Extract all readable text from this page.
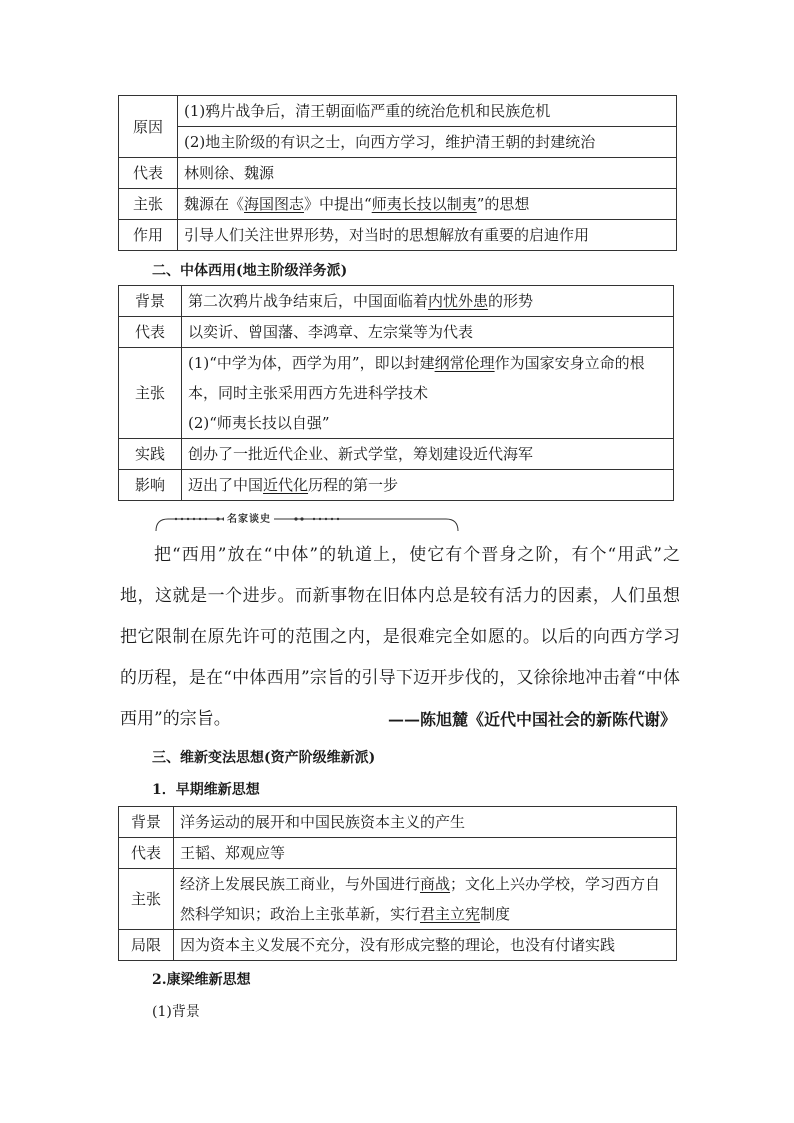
原因	(1)鸦片战争后，清王朝面临严重的统治危机和民族危机
	(2)地主阶级的有识之士，向西方学习，维护清王朝的封建统治
代表	林则徐、魏源
主张	魏源在《海国图志》中提出“师夷长技以制夷”的思想
作用	引导人们关注世界形势，对当时的思想解放有重要的启迪作用
二、中体西用(地主阶级洋务派)
背景	第二次鸦片战争结束后，中国面临着内忧外患的形势
代表	以奕䜣、曾国藩、李鸿章、左宗棠等为代表
主张	(1)“中学为体，西学为用”，即以封建纲常伦理作为国家安身立命的根本，同时主张采用西方先进科学技术
(2)“师夷长技以自强”

实践	创办了一批近代企业、新式学堂，筹划建设近代海军
影响	迈出了中国近代化历程的第一步
名家谈史

把“西用”放在“中体”的轨道上，使它有个晋身之阶，有个“用武”之地，这就是一个进步。而新事物在旧体内总是较有活力的因素，人们虽想把它限制在原先许可的范围之内，是很难完全如愿的。以后的向西方学习的历程，是在“中体西用”宗旨的引导下迈开步伐的，又徐徐地冲击着“中体西用”的宗旨。	——陈旭麓《近代中国社会的新陈代谢》
三、维新变法思想(资产阶级维新派)
1．早期维新思想
背景	洋务运动的展开和中国民族资本主义的产生
代表	王韬、郑观应等
主张	经济上发展民族工商业，与外国进行商战；文化上兴办学校，学习西方自然科学知识；政治上主张革新，实行君主立宪制度
局限	因为资本主义发展不充分，没有形成完整的理论，也没有付诸实践
2.康梁维新思想
(1)背景
